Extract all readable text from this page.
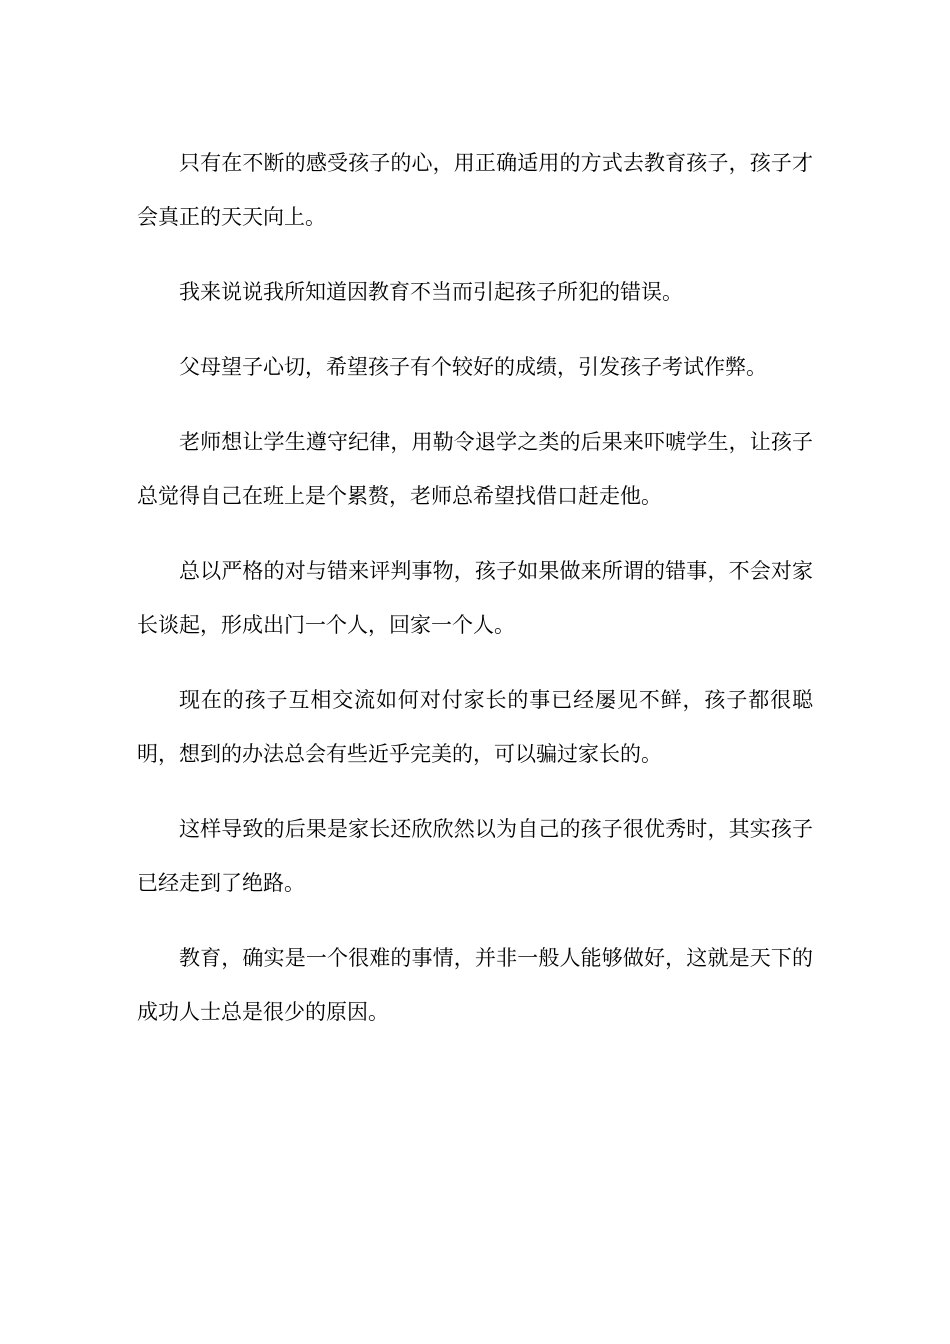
只有在不断的感受孩子的心，用正确适用的方式去教育孩子，孩子才会真正的天天向上。

我来说说我所知道因教育不当而引起孩子所犯的错误。

父母望子心切，希望孩子有个较好的成绩，引发孩子考试作弊。

老师想让学生遵守纪律，用勒令退学之类的后果来吓唬学生，让孩子总觉得自己在班上是个累赘，老师总希望找借口赶走他。

总以严格的对与错来评判事物，孩子如果做来所谓的错事，不会对家长谈起，形成出门一个人，回家一个人。

现在的孩子互相交流如何对付家长的事已经屡见不鲜，孩子都很聪明，想到的办法总会有些近乎完美的，可以骗过家长的。

这样导致的后果是家长还欣欣然以为自己的孩子很优秀时，其实孩子已经走到了绝路。

教育，确实是一个很难的事情，并非一般人能够做好，这就是天下的成功人士总是很少的原因。
